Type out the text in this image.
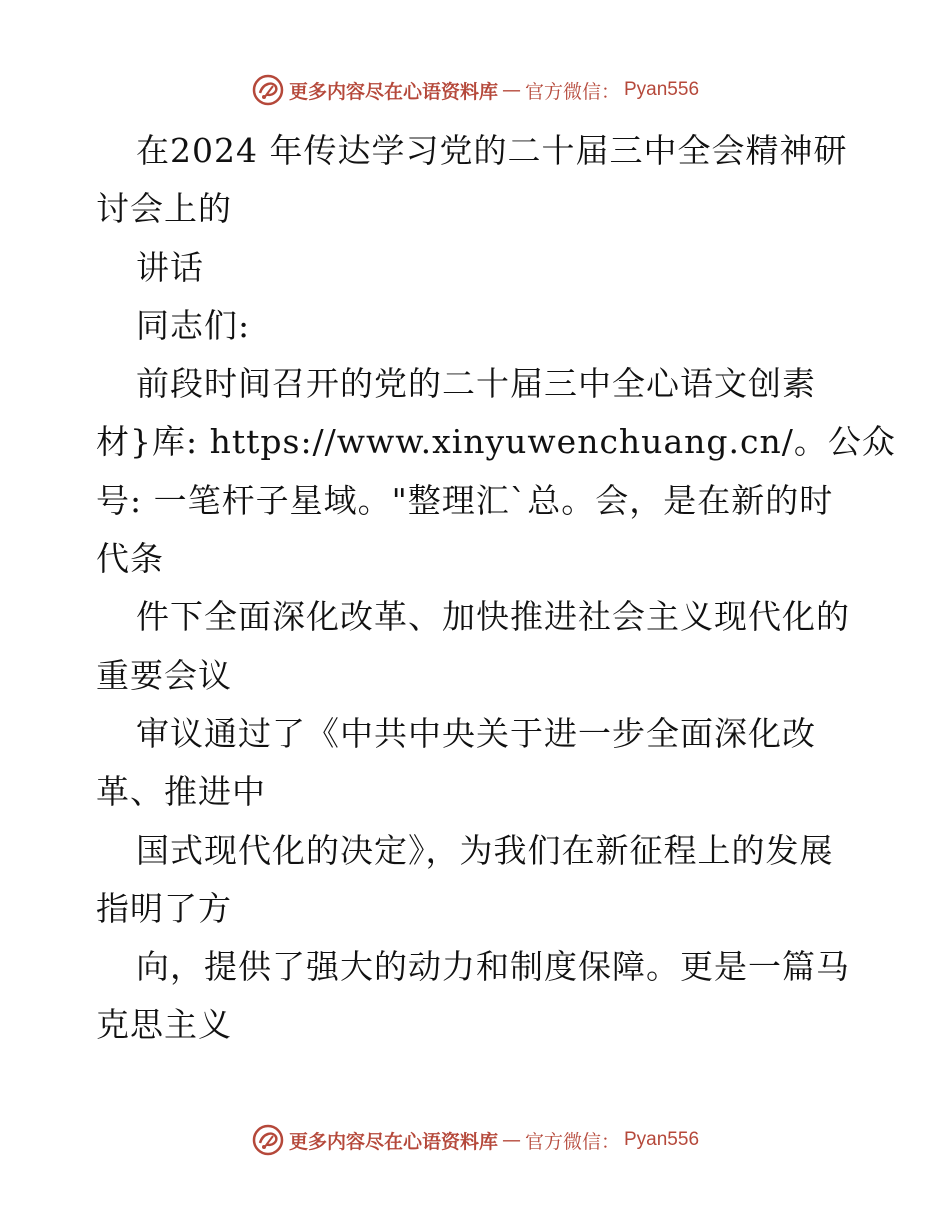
更多内容尽在心语资料库 — 官方微信： Pyan556
在2024 年传达学习党的二十届三中全会精神研
讨会上的
讲话
同志们:
前段时间召开的党的二十届三中全心语文创素
材}库: https://www.xinyuwenchuang.cn/。公众
号: 一笔杆子星域。"整理汇`总。会，是在新的时
代条
件下全面深化改革、加快推进社会主义现代化的
重要会议
审议通过了《中共中央关于进一步全面深化改
革、推进中
国式现代化的决定》，为我们在新征程上的发展
指明了方
向，提供了强大的动力和制度保障。更是一篇马
克思主义
更多内容尽在心语资料库 — 官方微信： Pyan556
